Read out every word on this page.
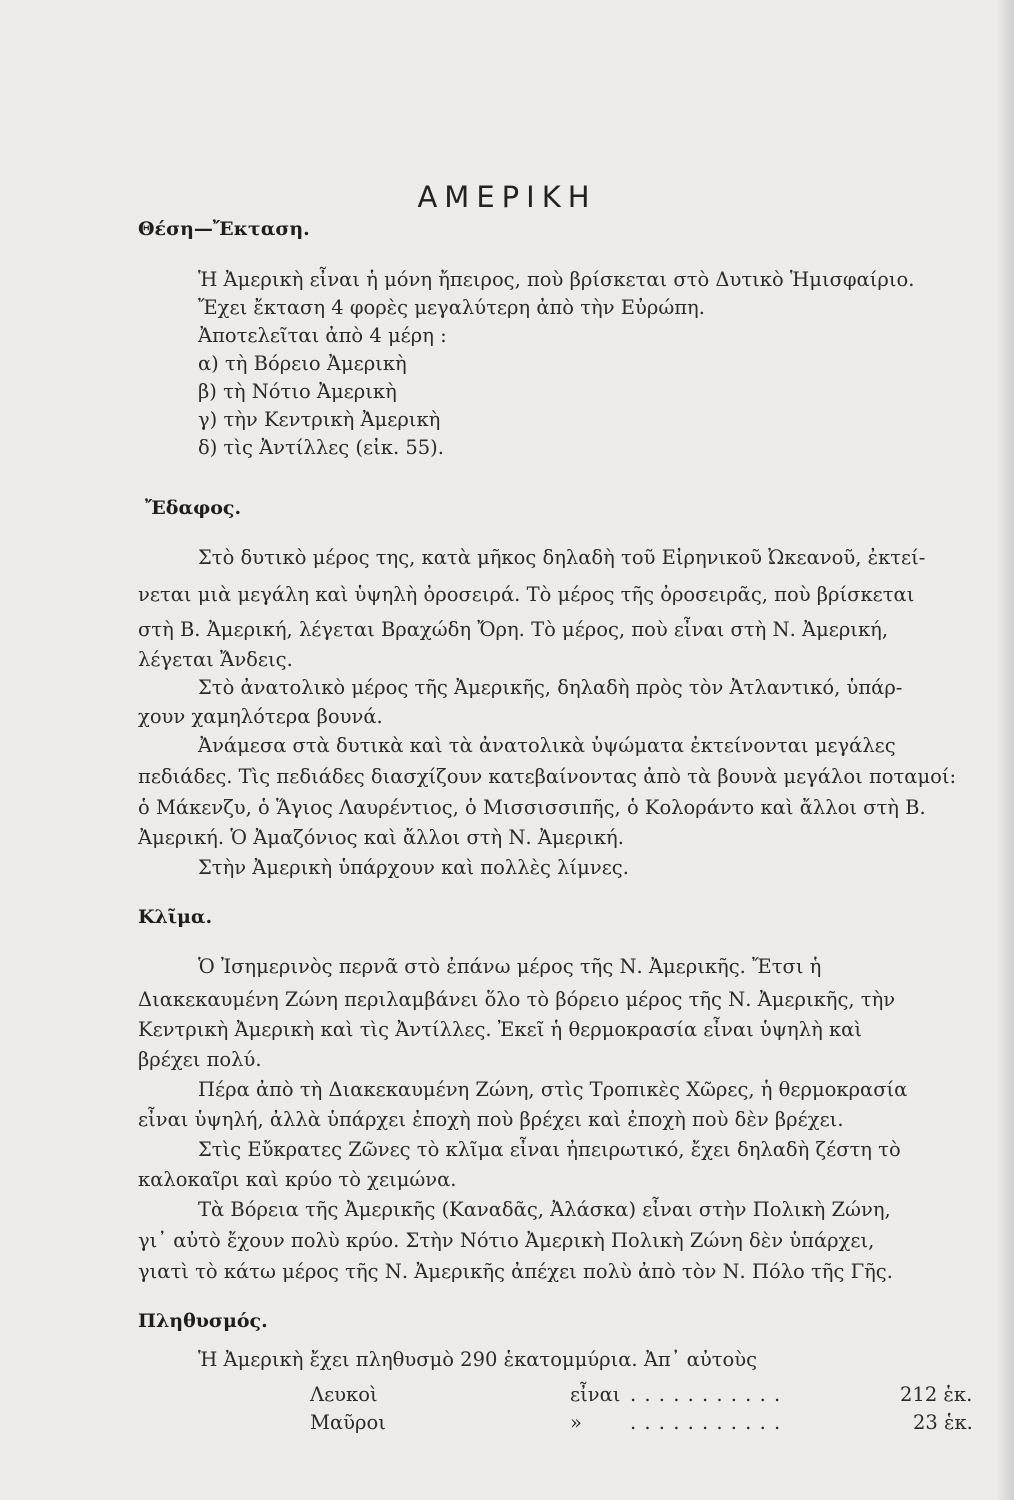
ΑΜΕΡΙΚΗ
Θέση—Ἔκταση.
Ἡ Ἀμερικὴ εἶναι ἡ μόνη ἤπειρος, ποὺ βρίσκεται στὸ Δυτικὸ Ἡμισφαίριο.
Ἔχει ἔκταση 4 φορὲς μεγαλύτερη ἀπὸ τὴν Εὐρώπη.
Ἀποτελεῖται ἀπὸ 4 μέρη :
α) τὴ Βόρειο Ἀμερικὴ
β) τὴ Νότιο Ἀμερικὴ
γ) τὴν Κεντρικὴ Ἀμερικὴ
δ) τὶς Ἀντίλλες (εἰκ. 55).
Ἔδαφος.
Στὸ δυτικὸ μέρος της, κατὰ μῆκος δηλαδὴ τοῦ Εἰρηνικοῦ Ὠκεανοῦ, ἐκτεί-
νεται μιὰ μεγάλη καὶ ὑψηλὴ ὀροσειρά. Τὸ μέρος τῆς ὀροσειρᾶς, ποὺ βρίσκεται
στὴ Β. Ἀμερική, λέγεται Βραχώδη Ὄρη. Τὸ μέρος, ποὺ εἶναι στὴ Ν. Ἀμερική,
λέγεται Ἄνδεις.
Στὸ ἀνατολικὸ μέρος τῆς Ἀμερικῆς, δηλαδὴ πρὸς τὸν Ἀτλαντικό, ὑπάρ-
χουν χαμηλότερα βουνά.
Ἀνάμεσα στὰ δυτικὰ καὶ τὰ ἀνατολικὰ ὑψώματα ἐκτείνονται μεγάλες
πεδιάδες. Τὶς πεδιάδες διασχίζουν κατεβαίνοντας ἀπὸ τὰ βουνὰ μεγάλοι ποταμοί:
ὁ Μάκενζυ, ὁ Ἅγιος Λαυρέντιος, ὁ Μισσισσιπῆς, ὁ Κολοράντο καὶ ἄλλοι στὴ Β.
Ἀμερική. Ὁ Ἀμαζόνιος καὶ ἄλλοι στὴ Ν. Ἀμερική.
Στὴν Ἀμερικὴ ὑπάρχουν καὶ πολλὲς λίμνες.
Κλῖμα.
Ὁ Ἰσημερινὸς περνᾶ στὸ ἐπάνω μέρος τῆς Ν. Ἀμερικῆς. Ἔτσι ἡ
Διακεκαυμένη Ζώνη περιλαμβάνει ὅλο τὸ βόρειο μέρος τῆς Ν. Ἀμερικῆς, τὴν
Κεντρικὴ Ἀμερικὴ καὶ τὶς Ἀντίλλες. Ἐκεῖ ἡ θερμοκρασία εἶναι ὑψηλὴ καὶ
βρέχει πολύ.
Πέρα ἀπὸ τὴ Διακεκαυμένη Ζώνη, στὶς Τροπικὲς Χῶρες, ἡ θερμοκρασία
εἶναι ὑψηλή, ἀλλὰ ὑπάρχει ἐποχὴ ποὺ βρέχει καὶ ἐποχὴ ποὺ δὲν βρέχει.
Στὶς Εὔκρατες Ζῶνες τὸ κλῖμα εἶναι ἠπειρωτικό, ἔχει δηλαδὴ ζέστη τὸ
καλοκαῖρι καὶ κρύο τὸ χειμώνα.
Τὰ Βόρεια τῆς Ἀμερικῆς (Καναδᾶς, Ἀλάσκα) εἶναι στὴν Πολικὴ Ζώνη,
γι᾿ αὐτὸ ἔχουν πολὺ κρύο. Στὴν Νότιο Ἀμερικὴ Πολικὴ Ζώνη δὲν ὑπάρχει,
γιατὶ τὸ κάτω μέρος τῆς Ν. Ἀμερικῆς ἀπέχει πολὺ ἀπὸ τὸν Ν. Πόλο τῆς Γῆς.
Πληθυσμός.
Ἡ Ἀμερικὴ ἔχει πληθυσμὸ 290 ἑκατομμύρια. Ἀπ᾿ αὐτοὺς
Λευκοὶ	εἶναι . . . . . . . . . . .	212 ἑκ.
Μαῦροι	» . . . . . . . . . . .	23 ἑκ.
